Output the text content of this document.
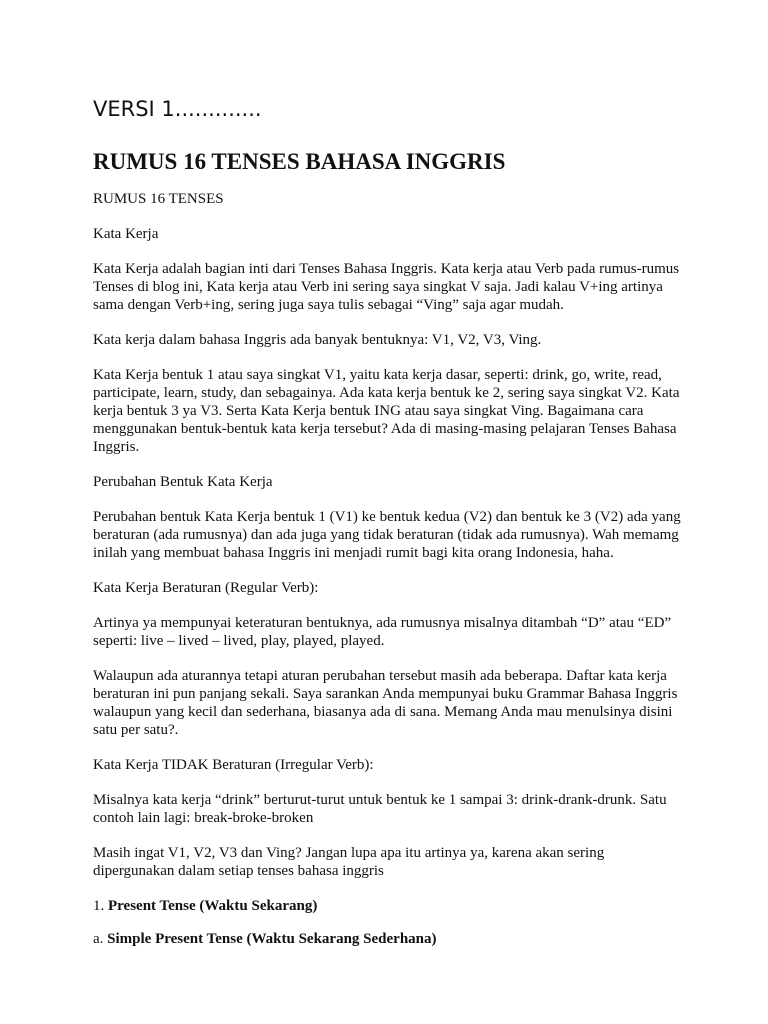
VERSI 1.............
RUMUS 16 TENSES BAHASA INGGRIS

RUMUS 16 TENSES

Kata Kerja

Kata Kerja adalah bagian inti dari Tenses Bahasa Inggris. Kata kerja atau Verb pada rumus-rumus Tenses di blog ini, Kata kerja atau Verb ini sering saya singkat V saja. Jadi kalau V+ing artinya sama dengan Verb+ing, sering juga saya tulis sebagai “Ving” saja agar mudah.

Kata kerja dalam bahasa Inggris ada banyak bentuknya: V1, V2, V3, Ving.

Kata Kerja bentuk 1 atau saya singkat V1, yaitu kata kerja dasar, seperti: drink, go, write, read, participate, learn, study, dan sebagainya. Ada kata kerja bentuk ke 2, sering saya singkat V2. Kata kerja bentuk 3 ya V3. Serta Kata Kerja bentuk ING atau saya singkat Ving. Bagaimana cara menggunakan bentuk-bentuk kata kerja tersebut? Ada di masing-masing pelajaran Tenses Bahasa Inggris.

Perubahan Bentuk Kata Kerja

Perubahan bentuk Kata Kerja bentuk 1 (V1) ke bentuk kedua (V2) dan bentuk ke 3 (V2) ada yang beraturan (ada rumusnya) dan ada juga yang tidak beraturan (tidak ada rumusnya). Wah memamg inilah yang membuat bahasa Inggris ini menjadi rumit bagi kita orang Indonesia, haha.

Kata Kerja Beraturan (Regular Verb):

Artinya ya mempunyai keteraturan bentuknya, ada rumusnya misalnya ditambah “D” atau “ED” seperti: live – lived – lived, play, played, played.

Walaupun ada aturannya tetapi aturan perubahan tersebut masih ada beberapa. Daftar kata kerja beraturan ini pun panjang sekali. Saya sarankan Anda mempunyai buku Grammar Bahasa Inggris walaupun yang kecil dan sederhana, biasanya ada di sana. Memang Anda mau menulsinya disini satu per satu?.

Kata Kerja TIDAK Beraturan (Irregular Verb):

Misalnya kata kerja “drink” berturut-turut untuk bentuk ke 1 sampai 3: drink-drank-drunk. Satu contoh lain lagi: break-broke-broken

Masih ingat V1, V2, V3 dan Ving? Jangan lupa apa itu artinya ya, karena akan sering dipergunakan dalam setiap tenses bahasa inggris

1. Present Tense (Waktu Sekarang)

a. Simple Present Tense (Waktu Sekarang Sederhana)
